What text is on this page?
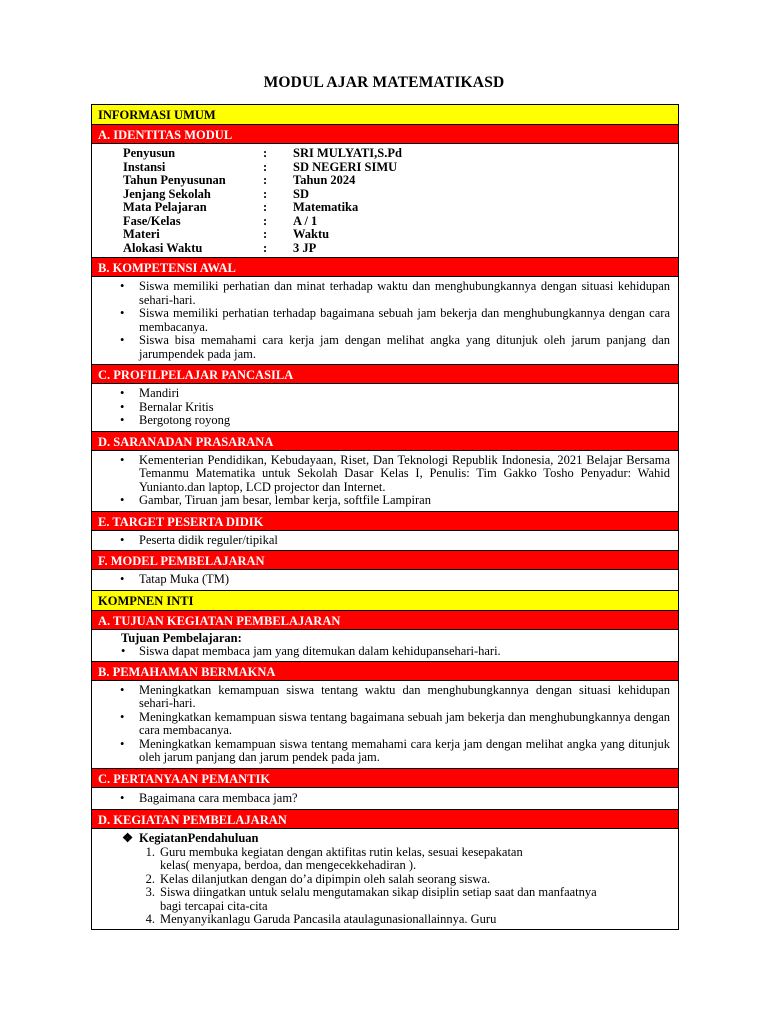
MODUL AJAR MATEMATIKASD
INFORMASI UMUM
A. IDENTITAS MODUL
Penyusun	:	SRI MULYATI,S.Pd
Instansi	:	SD NEGERI SIMU
Tahun Penyusunan	:	Tahun 2024
Jenjang Sekolah	:	SD
Mata Pelajaran	:	Matematika
Fase/Kelas	:	A / 1
Materi	:	Waktu
Alokasi Waktu	:	3 JP
B. KOMPETENSI AWAL
• Siswa memiliki perhatian dan minat terhadap waktu dan menghubungkannya dengan situasi kehidupan sehari-hari.
• Siswa memiliki perhatian terhadap bagaimana sebuah jam bekerja dan menghubungkannya dengan cara membacanya.
• Siswa bisa memahami cara kerja jam dengan melihat angka yang ditunjuk oleh jarum panjang dan jarumpendek pada jam.
C. PROFILPELAJAR PANCASILA
• Mandiri
• Bernalar Kritis
• Bergotong royong
D. SARANADAN PRASARANA
• Kementerian Pendidikan, Kebudayaan, Riset, Dan Teknologi Republik Indonesia, 2021 Belajar Bersama Temanmu Matematika untuk Sekolah Dasar Kelas I, Penulis: Tim Gakko Tosho Penyadur: Wahid Yunianto.dan laptop, LCD projector dan Internet.
• Gambar, Tiruan jam besar, lembar kerja, softfile Lampiran
E. TARGET PESERTA DIDIK
• Peserta didik reguler/tipikal
F. MODEL PEMBELAJARAN
• Tatap Muka (TM)
KOMPNEN INTI
A. TUJUAN KEGIATAN PEMBELAJARAN
Tujuan Pembelajaran:
• Siswa dapat membaca jam yang ditemukan dalam kehidupansehari-hari.
B. PEMAHAMAN BERMAKNA
• Meningkatkan kemampuan siswa tentang waktu dan menghubungkannya dengan situasi kehidupan sehari-hari.
• Meningkatkan kemampuan siswa tentang bagaimana sebuah jam bekerja dan menghubungkannya dengan cara membacanya.
• Meningkatkan kemampuan siswa tentang memahami cara kerja jam dengan melihat angka yang ditunjuk oleh jarum panjang dan jarum pendek pada jam.
C. PERTANYAAN PEMANTIK
• Bagaimana cara membaca jam?
D. KEGIATAN PEMBELAJARAN
❖ KegiatanPendahuluan
1. Guru membuka kegiatan dengan aktifitas rutin kelas, sesuai kesepakatan
kelas( menyapa, berdoa, dan mengecekkehadiran ).
2. Kelas dilanjutkan dengan do’a dipimpin oleh salah seorang siswa.
3. Siswa diingatkan untuk selalu mengutamakan sikap disiplin setiap saat dan manfaatnya
bagi tercapai cita-cita
4. Menyanyikanlagu Garuda Pancasila ataulagunasionallainnya. Guru
